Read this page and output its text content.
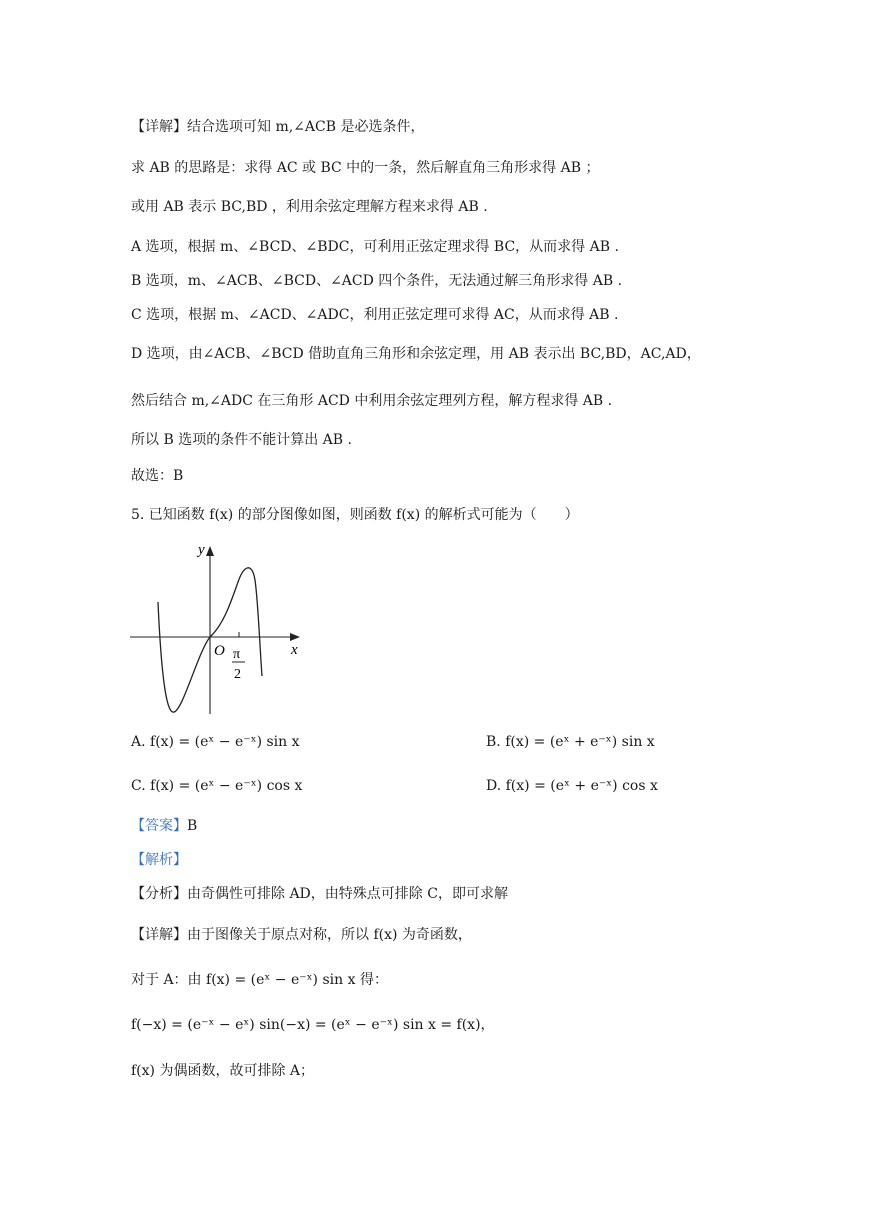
【详解】结合选项可知 m,∠ACB 是必选条件，
求 AB 的思路是：求得 AC 或 BC 中的一条，然后解直角三角形求得 AB ；
或用 AB 表示 BC,BD ，利用余弦定理解方程来求得 AB .
A 选项，根据 m、∠BCD、∠BDC，可利用正弦定理求得 BC，从而求得 AB .
B 选项，m、∠ACB、∠BCD、∠ACD 四个条件，无法通过解三角形求得 AB .
C 选项，根据 m、∠ACD、∠ADC，利用正弦定理可求得 AC，从而求得 AB .
D 选项，由∠ACB、∠BCD 借助直角三角形和余弦定理，用 AB 表示出 BC,BD，AC,AD，
然后结合 m,∠ADC 在三角形 ACD 中利用余弦定理列方程，解方程求得 AB .
所以 B 选项的条件不能计算出 AB .
故选：B
5. 已知函数 f(x) 的部分图像如图，则函数 f(x) 的解析式可能为（　　）
y
x
O π
2
A. f(x) = (eˣ − e⁻ˣ) sin x	B. f(x) = (eˣ + e⁻ˣ) sin x
C. f(x) = (eˣ − e⁻ˣ) cos x	D. f(x) = (eˣ + e⁻ˣ) cos x
【答案】B
【解析】
【分析】由奇偶性可排除 AD，由特殊点可排除 C，即可求解
【详解】由于图像关于原点对称，所以 f(x) 为奇函数，
对于 A：由 f(x) = (eˣ − e⁻ˣ) sin x 得：
f(−x) = (e⁻ˣ − eˣ) sin(−x) = (eˣ − e⁻ˣ) sin x = f(x)，
f(x) 为偶函数，故可排除 A；
